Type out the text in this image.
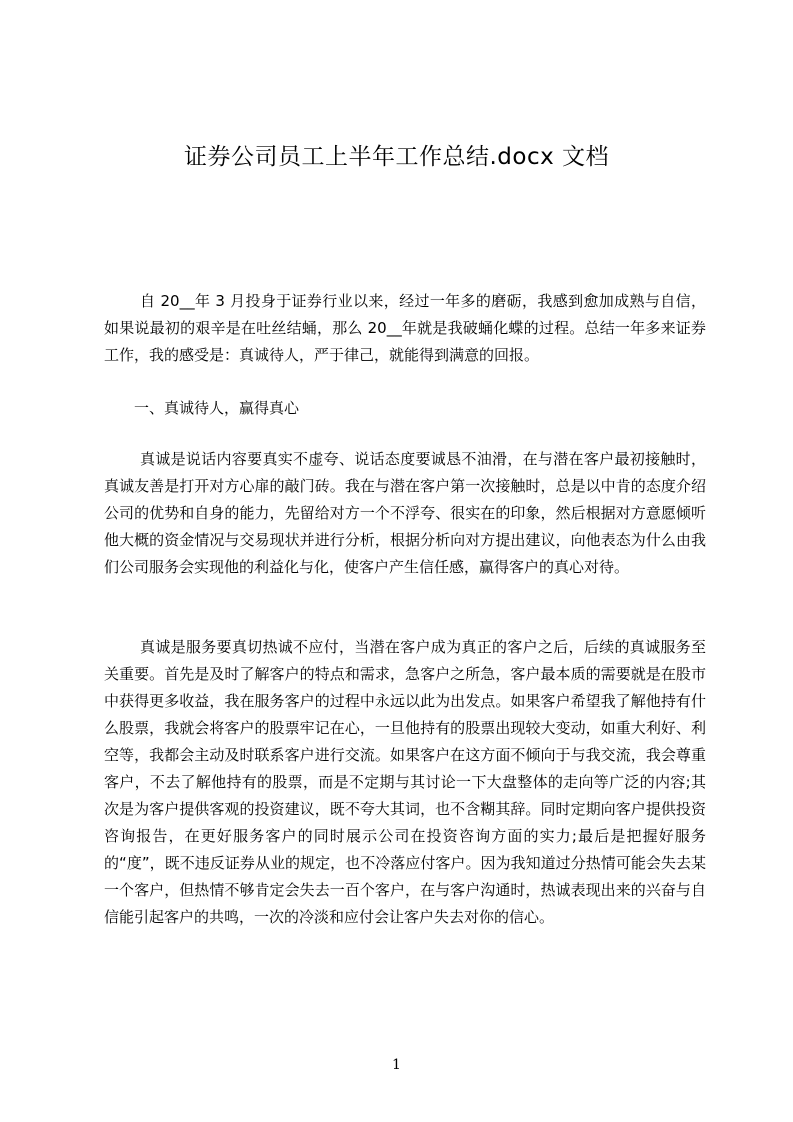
证券公司员工上半年工作总结.docx 文档

自 20__年 3 月投身于证券行业以来，经过一年多的磨砺，我感到愈加成熟与自信，如果说最初的艰辛是在吐丝结蛹，那么 20__年就是我破蛹化蝶的过程。总结一年多来证券工作，我的感受是：真诚待人，严于律己，就能得到满意的回报。

一、真诚待人，赢得真心

真诚是说话内容要真实不虚夸、说话态度要诚恳不油滑，在与潜在客户最初接触时，真诚友善是打开对方心扉的敲门砖。我在与潜在客户第一次接触时，总是以中肯的态度介绍公司的优势和自身的能力，先留给对方一个不浮夸、很实在的印象，然后根据对方意愿倾听他大概的资金情况与交易现状并进行分析，根据分析向对方提出建议，向他表态为什么由我们公司服务会实现他的利益化与化，使客户产生信任感，赢得客户的真心对待。

真诚是服务要真切热诚不应付，当潜在客户成为真正的客户之后，后续的真诚服务至关重要。首先是及时了解客户的特点和需求，急客户之所急，客户最本质的需要就是在股市中获得更多收益，我在服务客户的过程中永远以此为出发点。如果客户希望我了解他持有什么股票，我就会将客户的股票牢记在心，一旦他持有的股票出现较大变动，如重大利好、利空等，我都会主动及时联系客户进行交流。如果客户在这方面不倾向于与我交流，我会尊重客户，不去了解他持有的股票，而是不定期与其讨论一下大盘整体的走向等广泛的内容;其次是为客户提供客观的投资建议，既不夸大其词，也不含糊其辞。同时定期向客户提供投资咨询报告，在更好服务客户的同时展示公司在投资咨询方面的实力;最后是把握好服务的“度”，既不违反证券从业的规定，也不冷落应付客户。因为我知道过分热情可能会失去某一个客户，但热情不够肯定会失去一百个客户，在与客户沟通时，热诚表现出来的兴奋与自信能引起客户的共鸣，一次的冷淡和应付会让客户失去对你的信心。

1
